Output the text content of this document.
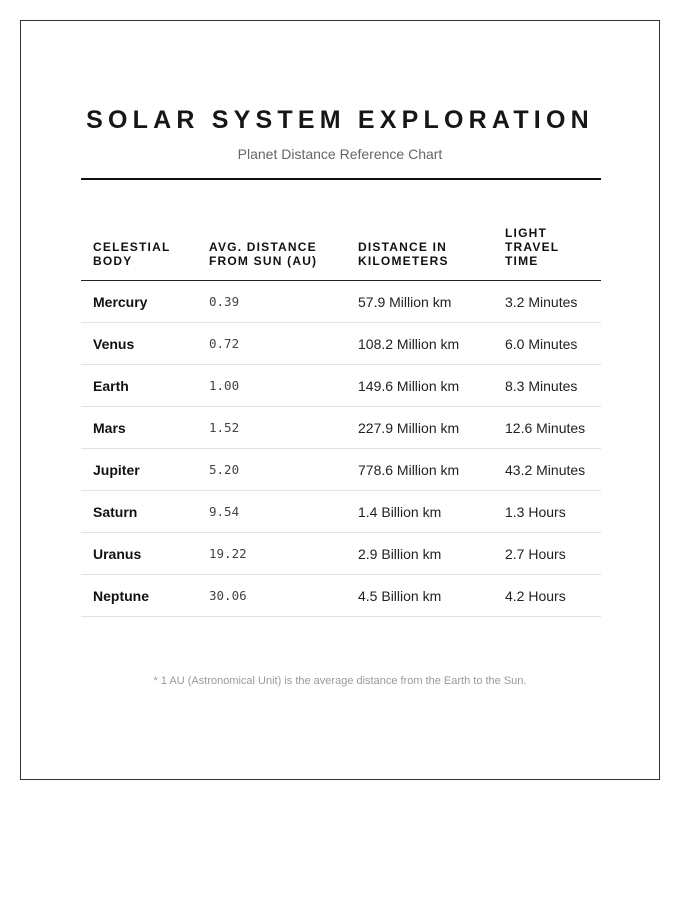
SOLAR SYSTEM EXPLORATION
Planet Distance Reference Chart
CELESTIAL BODY	AVG. DISTANCE FROM SUN (AU)	DISTANCE IN KILOMETERS	LIGHT TRAVEL TIME
Mercury	0.39	57.9 Million km	3.2 Minutes
Venus	0.72	108.2 Million km	6.0 Minutes
Earth	1.00	149.6 Million km	8.3 Minutes
Mars	1.52	227.9 Million km	12.6 Minutes
Jupiter	5.20	778.6 Million km	43.2 Minutes
Saturn	9.54	1.4 Billion km	1.3 Hours
Uranus	19.22	2.9 Billion km	2.7 Hours
Neptune	30.06	4.5 Billion km	4.2 Hours
* 1 AU (Astronomical Unit) is the average distance from the Earth to the Sun.
